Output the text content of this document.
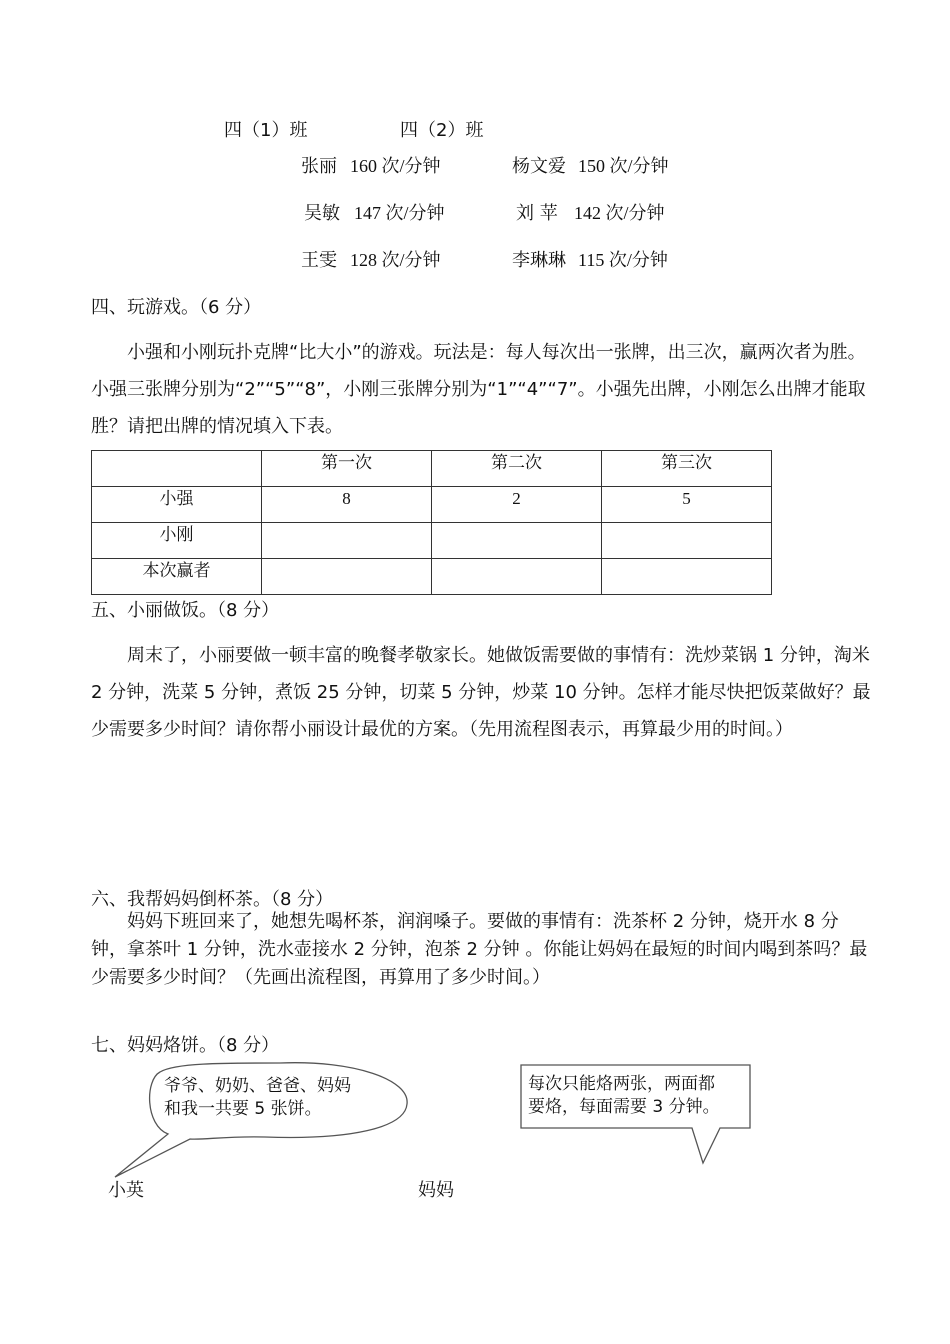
四（1）班	四（2）班
张丽 160 次/分钟	杨文爱 150 次/分钟
吴敏 147 次/分钟	刘 苹 142 次/分钟
王雯 128 次/分钟	李琳琳 115 次/分钟
四、玩游戏。（6 分）
小强和小刚玩扑克牌“比大小”的游戏。玩法是：每人每次出一张牌，出三次，赢两次者为胜。小强三张牌分别为“2”“5”“8”，小刚三张牌分别为“1”“4”“7”。小强先出牌，小刚怎么出牌才能取胜？请把出牌的情况填入下表。
	第一次	第二次	第三次
小强	8	2	5
小刚			
本次赢者			
五、小丽做饭。（8 分）
周末了，小丽要做一顿丰富的晚餐孝敬家长。她做饭需要做的事情有：洗炒菜锅 1 分钟，淘米 2 分钟，洗菜 5 分钟，煮饭 25 分钟，切菜 5 分钟，炒菜 10 分钟。怎样才能尽快把饭菜做好？最少需要多少时间？请你帮小丽设计最优的方案。（先用流程图表示，再算最少用的时间。）
六、我帮妈妈倒杯茶。（8 分）
妈妈下班回来了，她想先喝杯茶，润润嗓子。要做的事情有：洗茶杯 2 分钟，烧开水 8 分钟，拿茶叶 1 分钟，洗水壶接水 2 分钟，泡茶 2 分钟 。你能让妈妈在最短的时间内喝到茶吗？最少需要多少时间？（先画出流程图，再算用了多少时间。）
七、妈妈烙饼。（8 分）
爷爷、奶奶、爸爸、妈妈
和我一共要 5 张饼。
每次只能烙两张，两面都
要烙，每面需要 3 分钟。
小英	妈妈
